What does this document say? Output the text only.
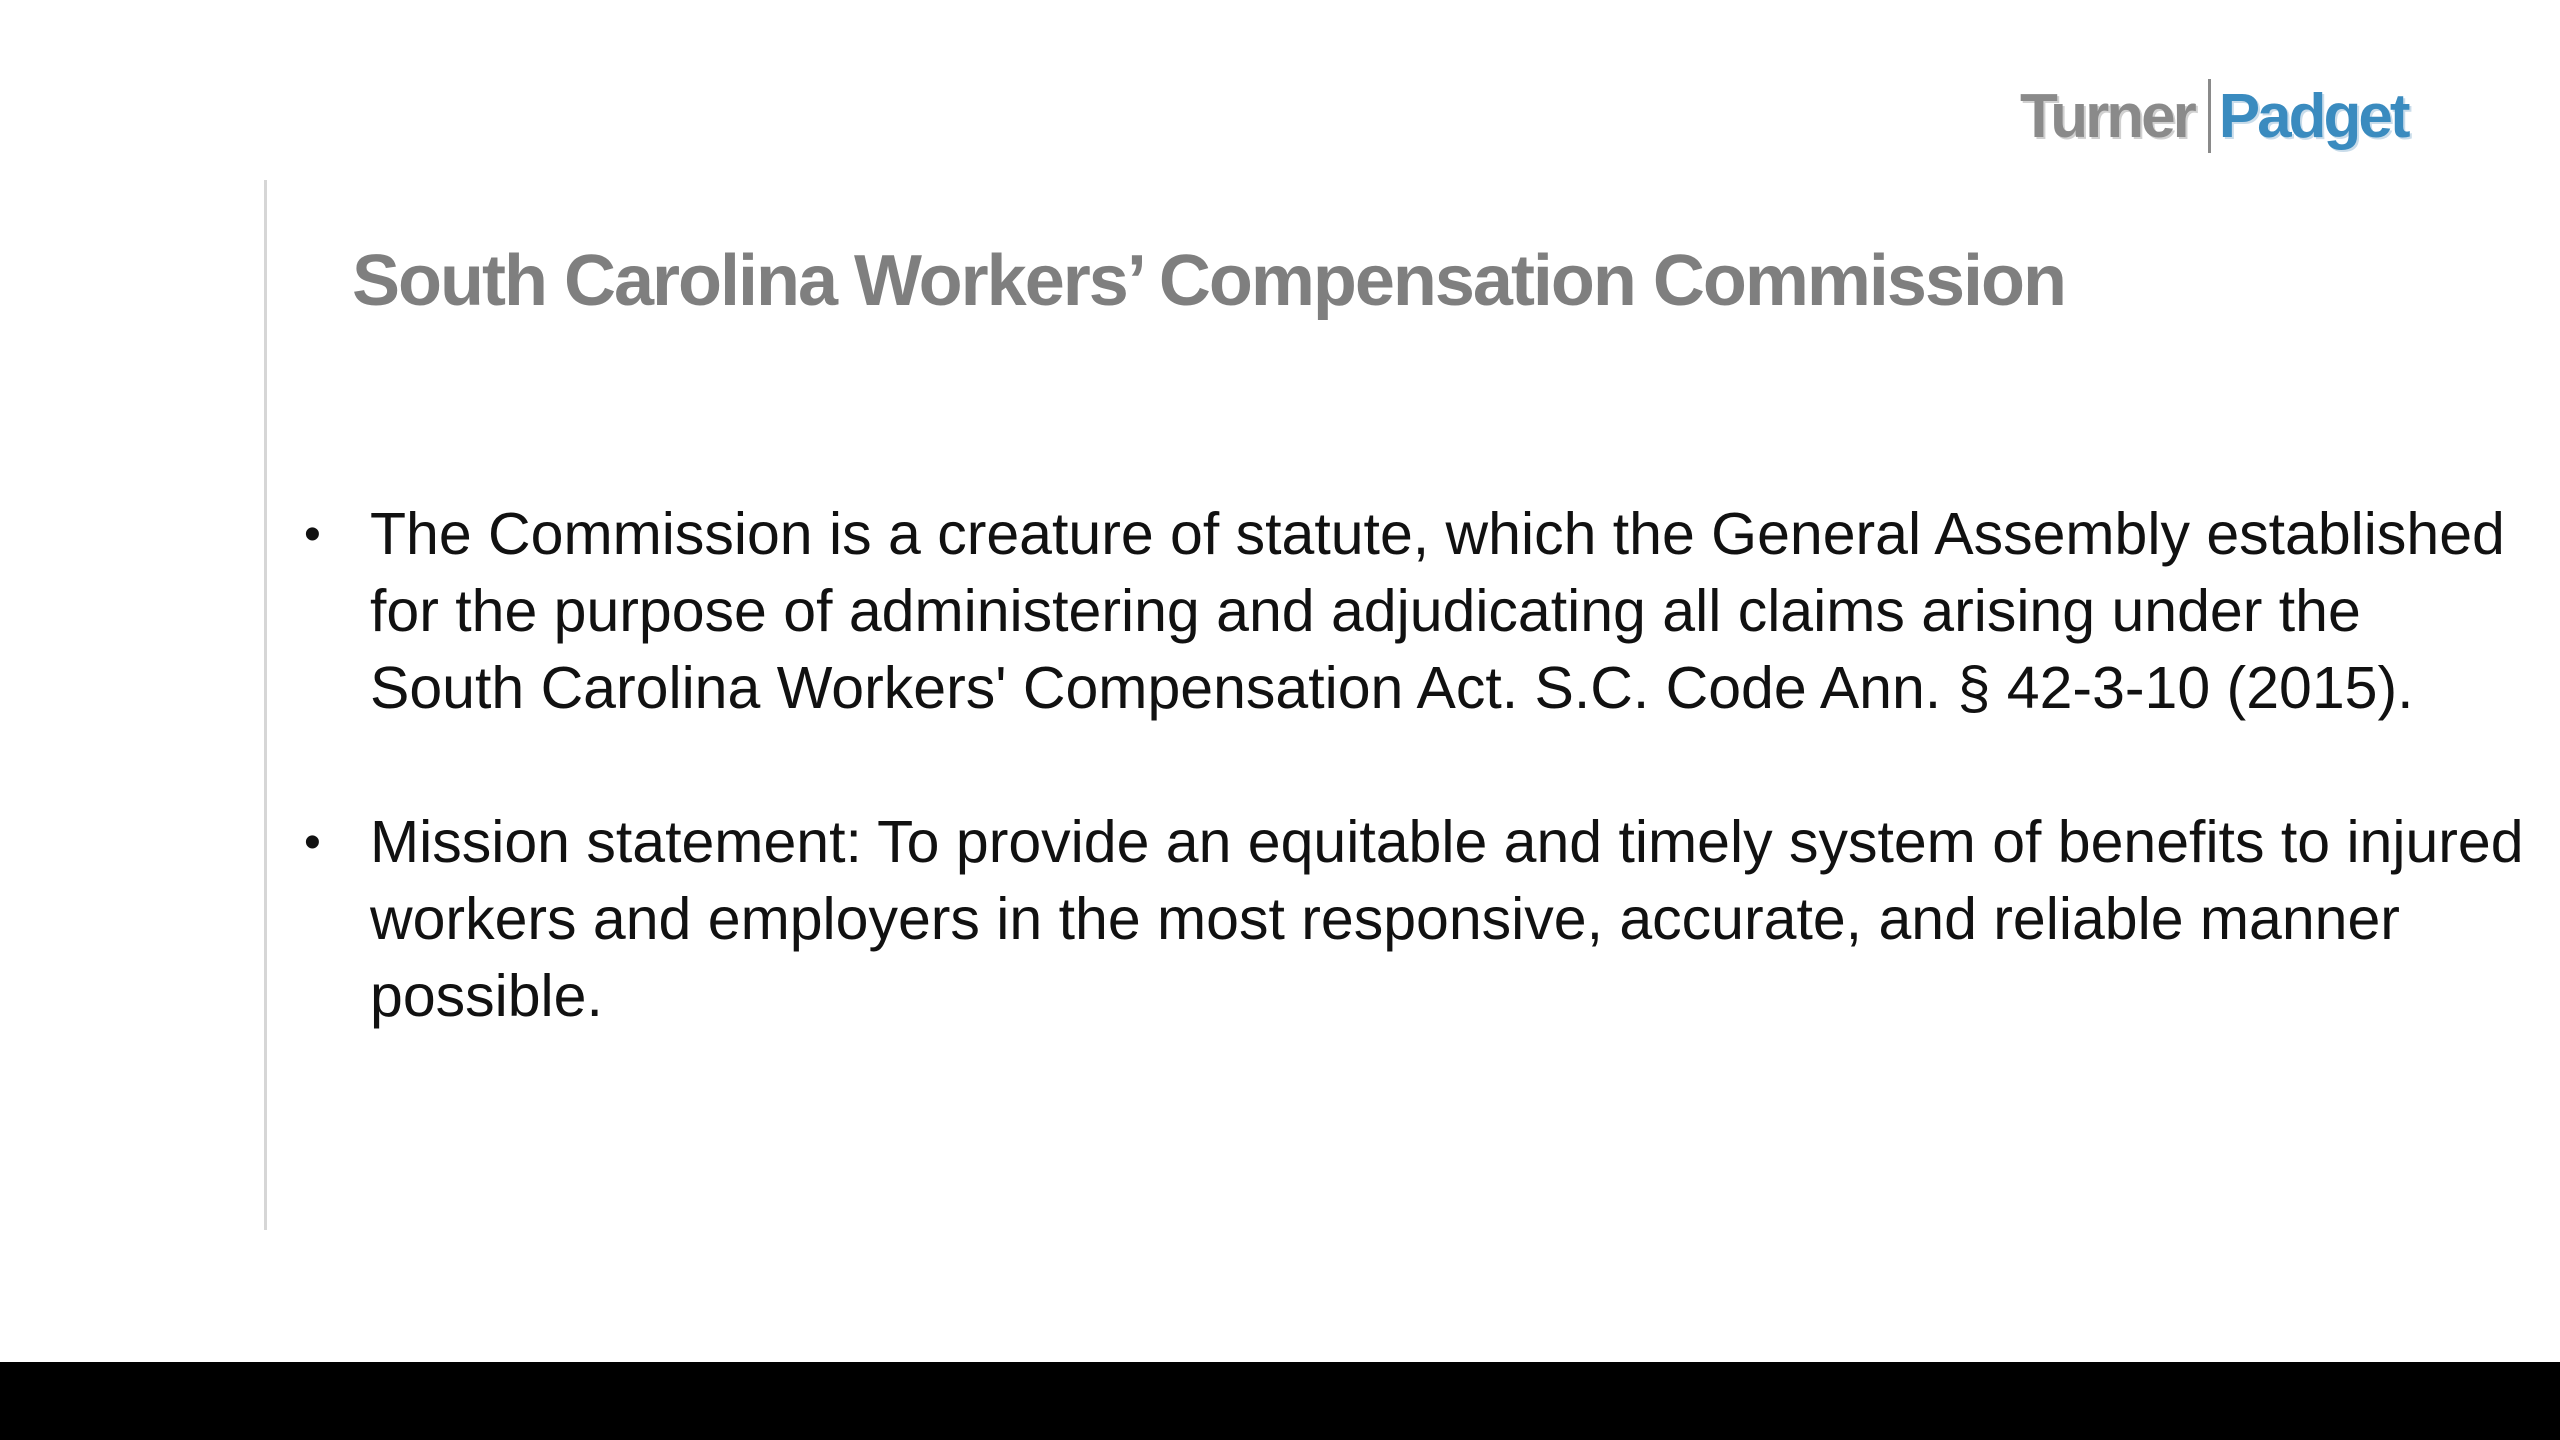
Turner Padget
South Carolina Workers’ Compensation Commission
• The Commission is a creature of statute, which the General Assembly established for the purpose of administering and adjudicating all claims arising under the South Carolina Workers' Compensation Act. S.C. Code Ann. § 42-3-10 (2015).
• Mission statement: To provide an equitable and timely system of benefits to injured workers and employers in the most responsive, accurate, and reliable manner possible.
